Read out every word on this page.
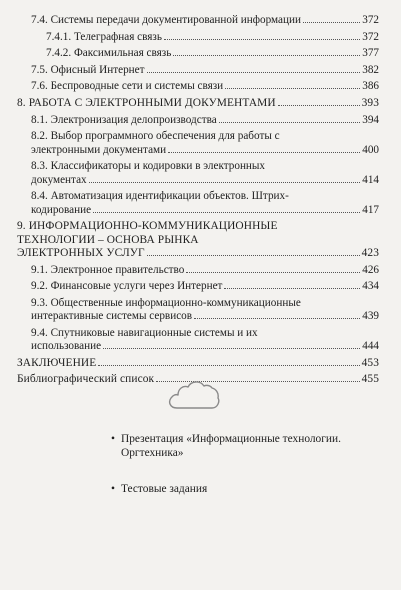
7.4. Системы передачи документированной информации	372
7.4.1. Телеграфная связь	372
7.4.2. Факсимильная связь	377
7.5. Офисный Интернет	382
7.6. Беспроводные сети и системы связи	386
8. РАБОТА С ЭЛЕКТРОННЫМИ ДОКУМЕНТАМИ	393
8.1. Электронизация делопроизводства	394
8.2. Выбор программного обеспечения для работы с
электронными документами	400
8.3. Классификаторы и кодировки в электронных
документах	414
8.4. Автоматизация идентификации объектов. Штрих-
кодирование	417
9. ИНФОРМАЦИОННО-КОММУНИКАЦИОННЫЕ
ТЕХНОЛОГИИ – ОСНОВА РЫНКА
ЭЛЕКТРОННЫХ УСЛУГ	423
9.1. Электронное правительство	426
9.2. Финансовые услуги через Интернет	434
9.3. Общественные информационно-коммуникационные
интерактивные системы сервисов	439
9.4. Спутниковые навигационные системы и их
использование	444
ЗАКЛЮЧЕНИЕ	453
Библиографический список	455
• Презентация «Информационные технологии.
Оргтехника»
• Тестовые задания
